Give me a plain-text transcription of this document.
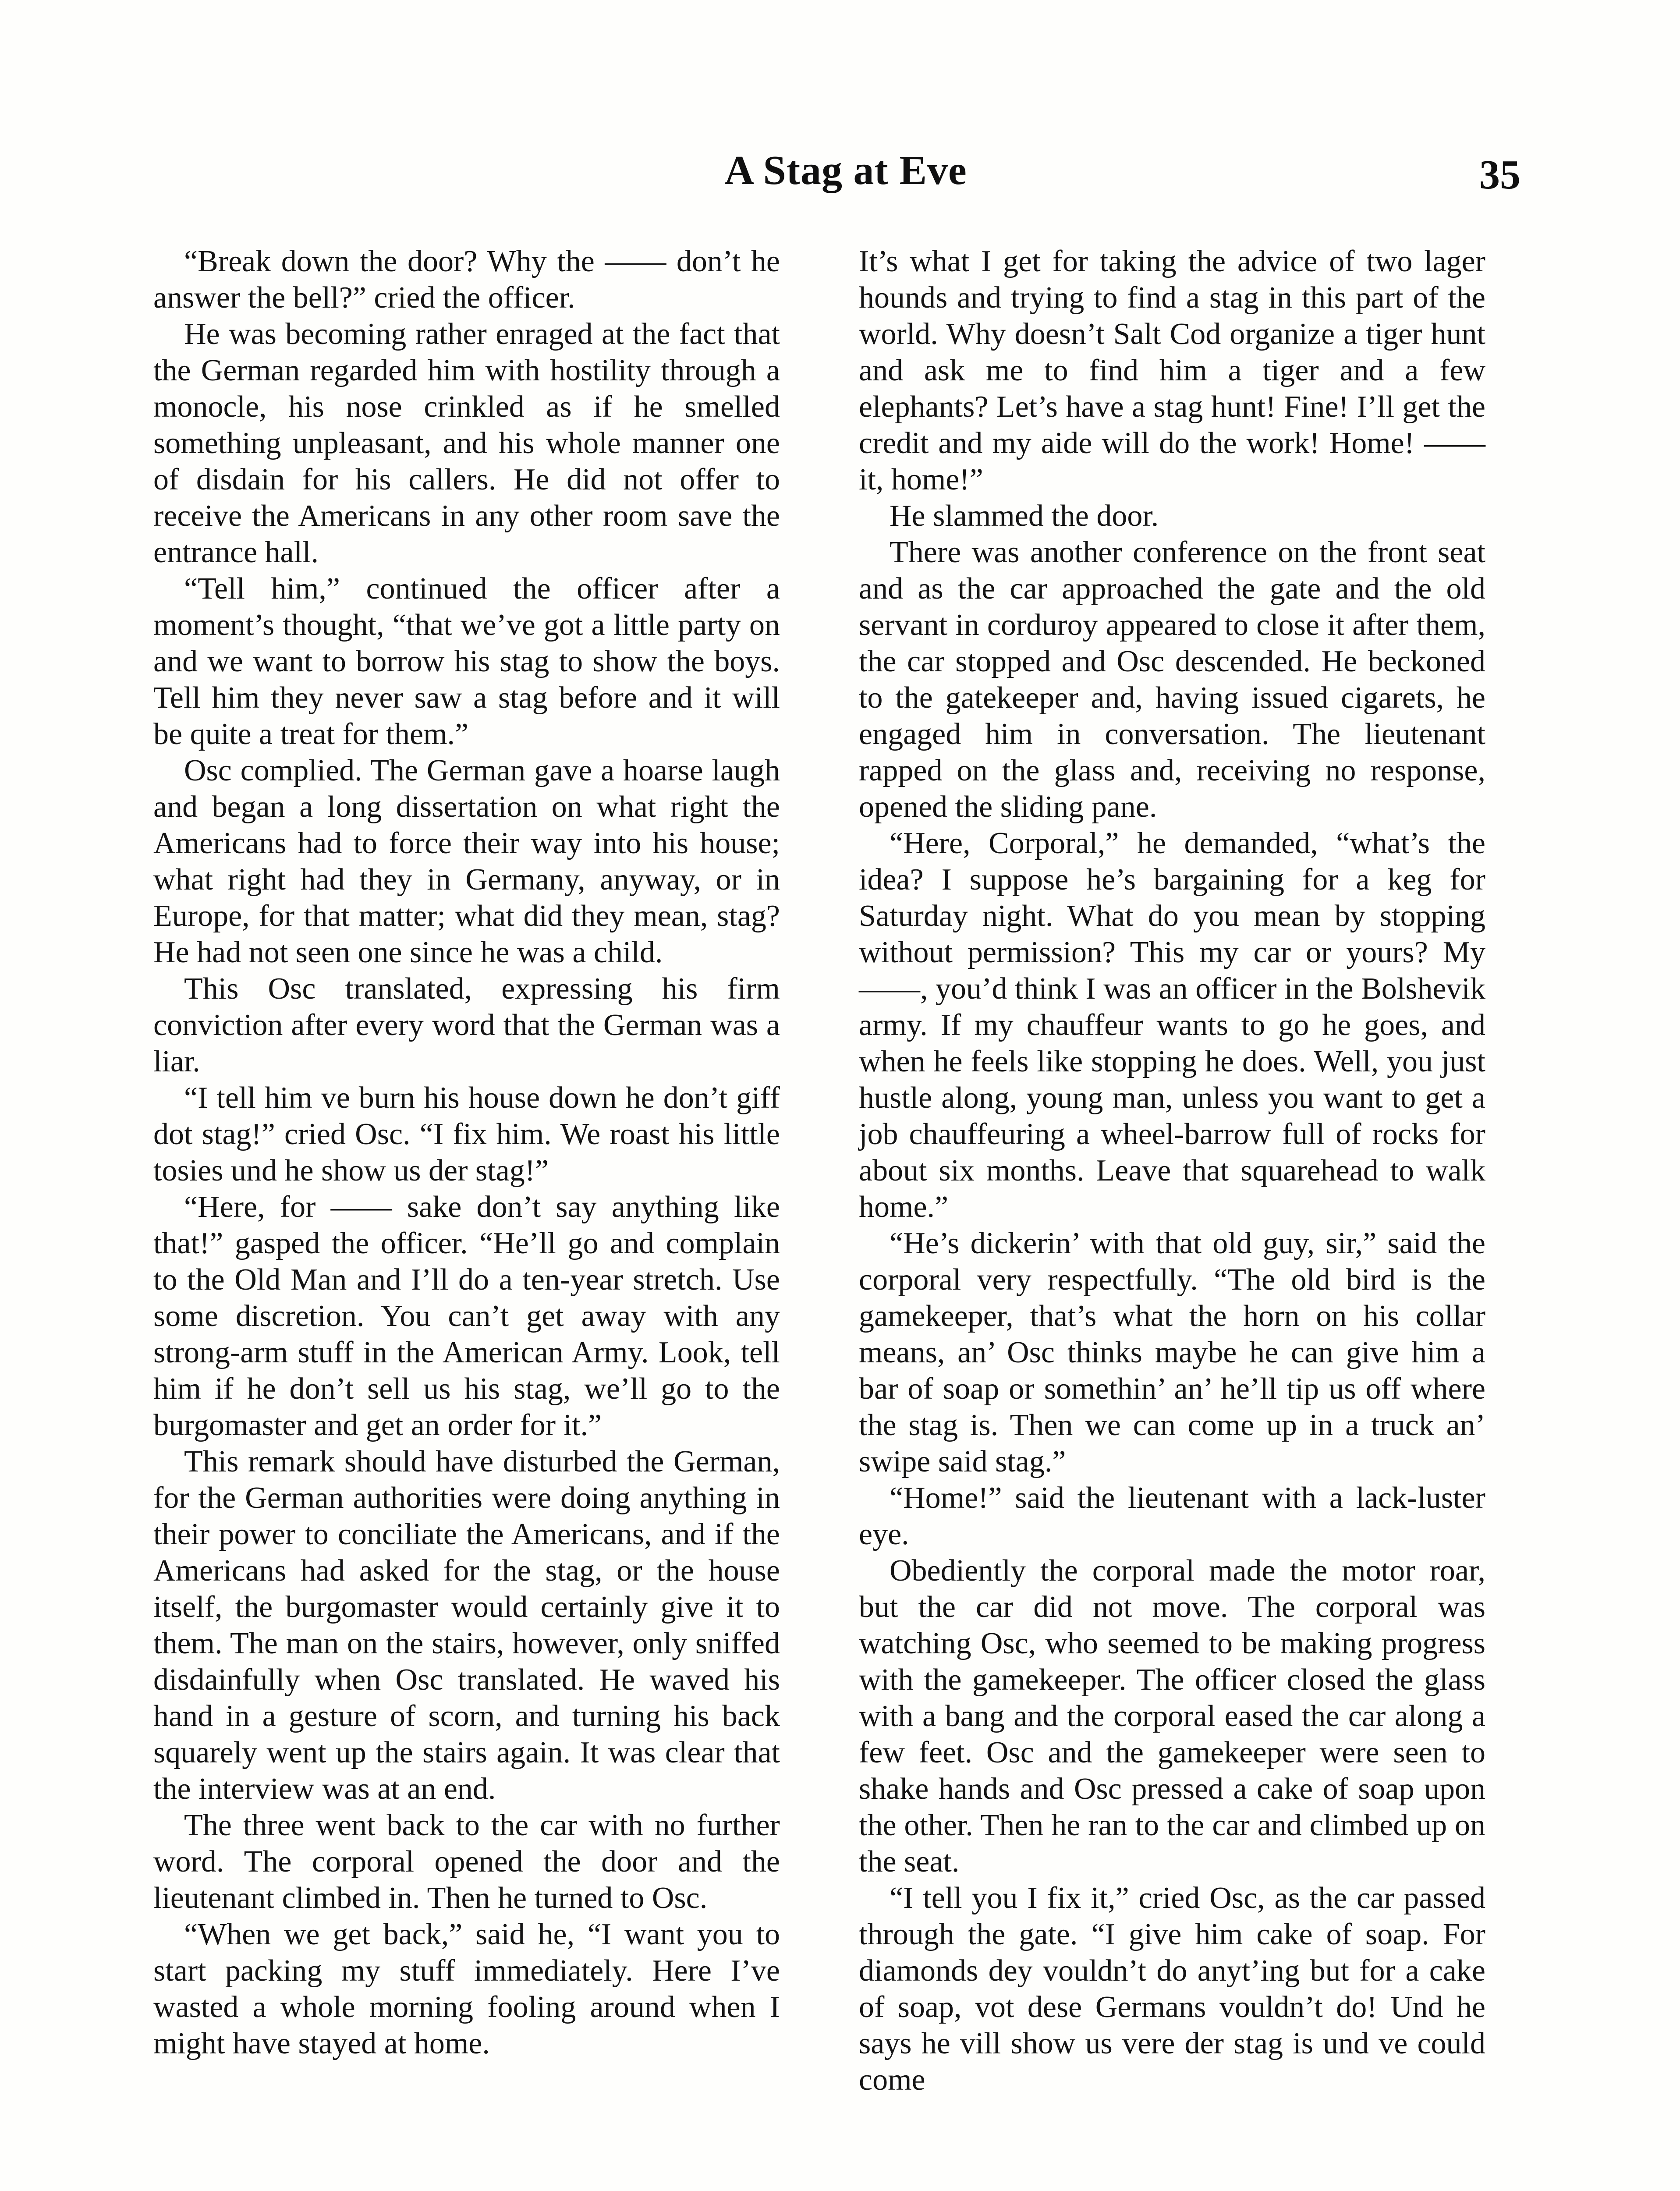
A Stag at Eve	35

“Break down the door? Why the —— don’t he answer the bell?” cried the officer.

He was becoming rather enraged at the fact that the German regarded him with hostility through a monocle, his nose crinkled as if he smelled something unpleasant, and his whole manner one of disdain for his callers. He did not offer to receive the Americans in any other room save the entrance hall.

“Tell him,” continued the officer after a moment’s thought, “that we’ve got a little party on and we want to borrow his stag to show the boys. Tell him they never saw a stag before and it will be quite a treat for them.”

Osc complied. The German gave a hoarse laugh and began a long dissertation on what right the Americans had to force their way into his house; what right had they in Germany, anyway, or in Europe, for that matter; what did they mean, stag? He had not seen one since he was a child.

This Osc translated, expressing his firm conviction after every word that the German was a liar.

“I tell him ve burn his house down he don’t giff dot stag!” cried Osc. “I fix him. We roast his little tosies und he show us der stag!”

“Here, for —— sake don’t say anything like that!” gasped the officer. “He’ll go and complain to the Old Man and I’ll do a ten-year stretch. Use some discretion. You can’t get away with any strong-arm stuff in the American Army. Look, tell him if he don’t sell us his stag, we’ll go to the burgomaster and get an order for it.”

This remark should have disturbed the German, for the German authorities were doing anything in their power to conciliate the Americans, and if the Americans had asked for the stag, or the house itself, the burgomaster would certainly give it to them. The man on the stairs, however, only sniffed disdainfully when Osc translated. He waved his hand in a gesture of scorn, and turning his back squarely went up the stairs again. It was clear that the interview was at an end.

The three went back to the car with no further word. The corporal opened the door and the lieutenant climbed in. Then he turned to Osc.

“When we get back,” said he, “I want you to start packing my stuff immediately. Here I’ve wasted a whole morning fooling around when I might have stayed at home.

It’s what I get for taking the advice of two lager hounds and trying to find a stag in this part of the world. Why doesn’t Salt Cod organize a tiger hunt and ask me to find him a tiger and a few elephants? Let’s have a stag hunt! Fine! I’ll get the credit and my aide will do the work! Home! —— it, home!”

He slammed the door.

There was another conference on the front seat and as the car approached the gate and the old servant in corduroy appeared to close it after them, the car stopped and Osc descended. He beckoned to the gatekeeper and, having issued cigarets, he engaged him in conversation. The lieutenant rapped on the glass and, receiving no response, opened the sliding pane.

“Here, Corporal,” he demanded, “what’s the idea? I suppose he’s bargaining for a keg for Saturday night. What do you mean by stopping without permission? This my car or yours? My ——, you’d think I was an officer in the Bolshevik army. If my chauffeur wants to go he goes, and when he feels like stopping he does. Well, you just hustle along, young man, unless you want to get a job chauffeuring a wheel-barrow full of rocks for about six months. Leave that squarehead to walk home.”

“He’s dickerin’ with that old guy, sir,” said the corporal very respectfully. “The old bird is the gamekeeper, that’s what the horn on his collar means, an’ Osc thinks maybe he can give him a bar of soap or somethin’ an’ he’ll tip us off where the stag is. Then we can come up in a truck an’ swipe said stag.”

“Home!” said the lieutenant with a lack-luster eye.

Obediently the corporal made the motor roar, but the car did not move. The corporal was watching Osc, who seemed to be making progress with the gamekeeper. The officer closed the glass with a bang and the corporal eased the car along a few feet. Osc and the gamekeeper were seen to shake hands and Osc pressed a cake of soap upon the other. Then he ran to the car and climbed up on the seat.

“I tell you I fix it,” cried Osc, as the car passed through the gate. “I give him cake of soap. For diamonds dey vouldn’t do anyt’ing but for a cake of soap, vot dese Germans vouldn’t do! Und he says he vill show us vere der stag is und ve could come
